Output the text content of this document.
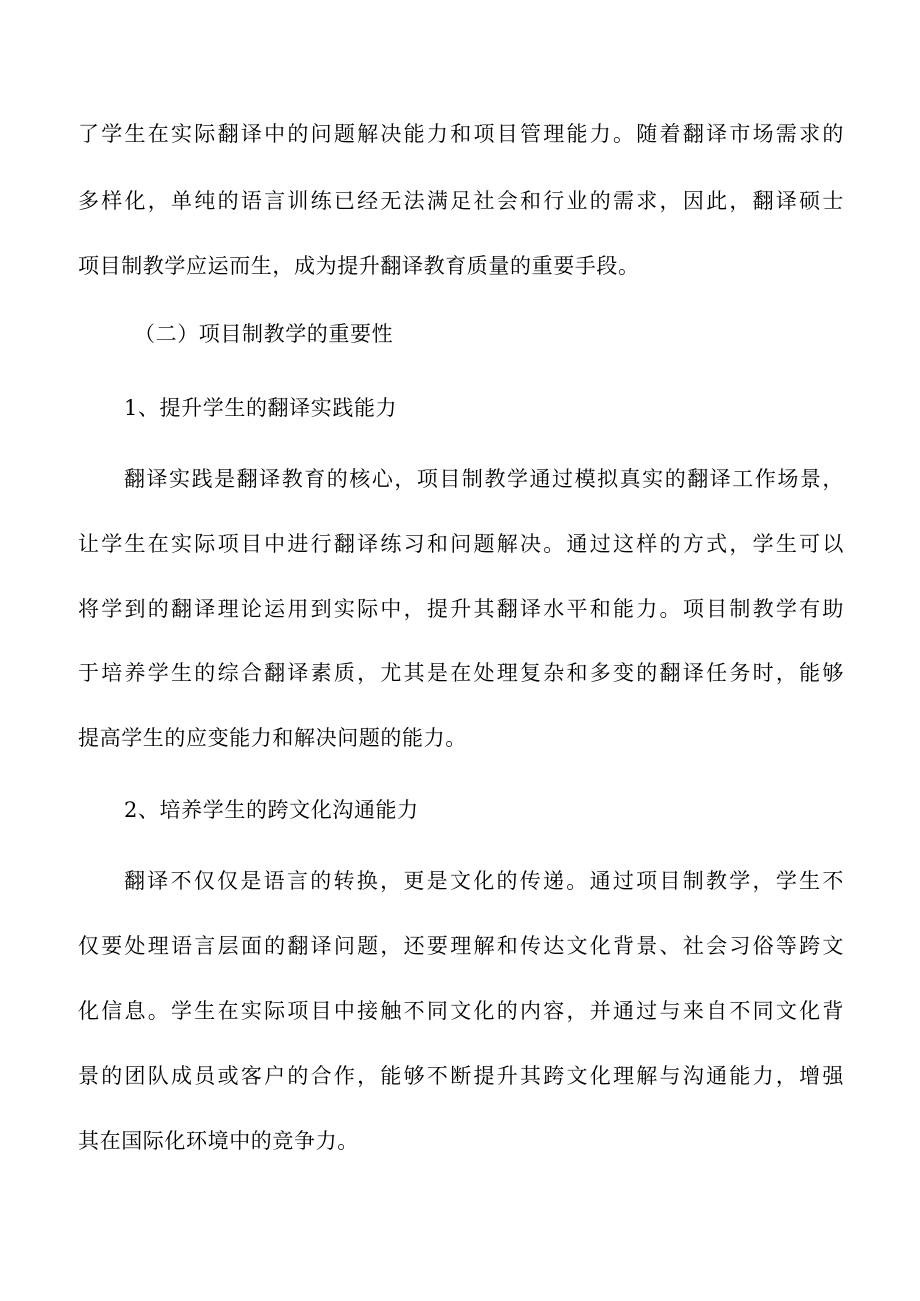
了学生在实际翻译中的问题解决能力和项目管理能力。随着翻译市场需求的
多样化，单纯的语言训练已经无法满足社会和行业的需求，因此，翻译硕士
项目制教学应运而生，成为提升翻译教育质量的重要手段。
（二）项目制教学的重要性
1、提升学生的翻译实践能力
翻译实践是翻译教育的核心，项目制教学通过模拟真实的翻译工作场景，
让学生在实际项目中进行翻译练习和问题解决。通过这样的方式，学生可以
将学到的翻译理论运用到实际中，提升其翻译水平和能力。项目制教学有助
于培养学生的综合翻译素质，尤其是在处理复杂和多变的翻译任务时，能够
提高学生的应变能力和解决问题的能力。
2、培养学生的跨文化沟通能力
翻译不仅仅是语言的转换，更是文化的传递。通过项目制教学，学生不
仅要处理语言层面的翻译问题，还要理解和传达文化背景、社会习俗等跨文
化信息。学生在实际项目中接触不同文化的内容，并通过与来自不同文化背
景的团队成员或客户的合作，能够不断提升其跨文化理解与沟通能力，增强
其在国际化环境中的竞争力。
